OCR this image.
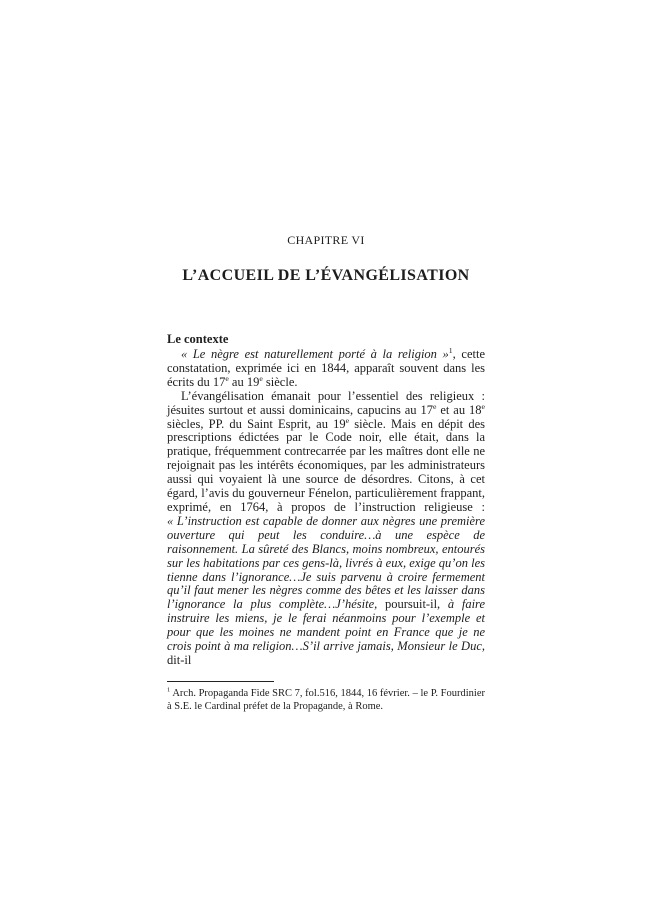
CHAPITRE VI
L’ACCUEIL DE L’ÉVANGÉLISATION
Le contexte

« Le nègre est naturellement porté à la religion »$^1$, cette constatation, exprimée ici en 1844, apparaît souvent dans les écrits du 17e au 19e siècle.

L’évangélisation émanait pour l’essentiel des religieux : jésuites surtout et aussi dominicains, capucins au 17e et au 18e siècles, PP. du Saint Esprit, au 19e siècle. Mais en dépit des prescriptions édictées par le Code noir, elle était, dans la pratique, fréquemment contrecarrée par les maîtres dont elle ne rejoignait pas les intérêts économiques, par les administrateurs aussi qui voyaient là une source de désordres. Citons, à cet égard, l’avis du gouverneur Fénelon, particulièrement frappant, exprimé, en 1764, à propos de l’instruction religieuse : « L’instruction est capable de donner aux nègres une première ouverture qui peut les conduire…à une espèce de raisonnement. La sûreté des Blancs, moins nombreux, entourés sur les habitations par ces gens-là, livrés à eux, exige qu’on les tienne dans l’ignorance…Je suis parvenu à croire fermement qu’il faut mener les nègres comme des bêtes et les laisser dans l’ignorance la plus complète…J’hésite, poursuit-il, à faire instruire les miens, je le ferai néanmoins pour l’exemple et pour que les moines ne mandent point en France que je ne crois point à ma religion…S’il arrive jamais, Monsieur le Duc, dit-il

$^1$ Arch. Propaganda Fide SRC 7, fol.516, 1844, 16 février. – le P. Fourdinier à S.E. le Cardinal préfet de la Propagande, à Rome.
